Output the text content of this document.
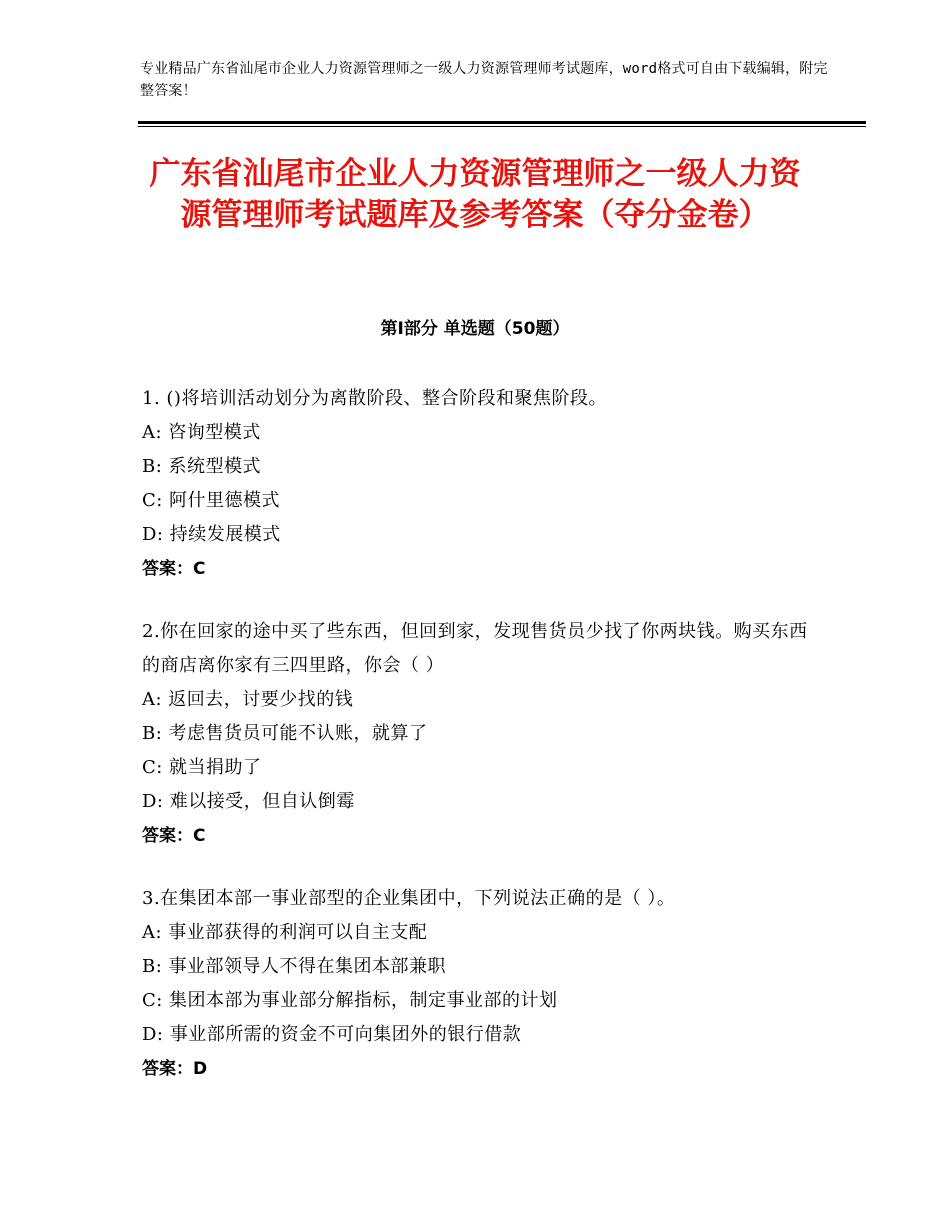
专业精品广东省汕尾市企业人力资源管理师之一级人力资源管理师考试题库，word格式可自由下载编辑，附完整答案！
广东省汕尾市企业人力资源管理师之一级人力资源管理师考试题库及参考答案（夺分金卷）
第Ⅰ部分 单选题（50题）
1. ()将培训活动划分为离散阶段、整合阶段和聚焦阶段。
A: 咨询型模式
B: 系统型模式
C: 阿什里德模式
D: 持续发展模式
答案：C
2.你在回家的途中买了些东西，但回到家，发现售货员少找了你两块钱。购买东西的商店离你家有三四里路，你会（ ）
A: 返回去，讨要少找的钱
B: 考虑售货员可能不认账，就算了
C: 就当捐助了
D: 难以接受，但自认倒霉
答案：C
3.在集团本部一事业部型的企业集团中，下列说法正确的是（ ）。
A: 事业部获得的利润可以自主支配
B: 事业部领导人不得在集团本部兼职
C: 集团本部为事业部分解指标，制定事业部的计划
D: 事业部所需的资金不可向集团外的银行借款
答案：D
